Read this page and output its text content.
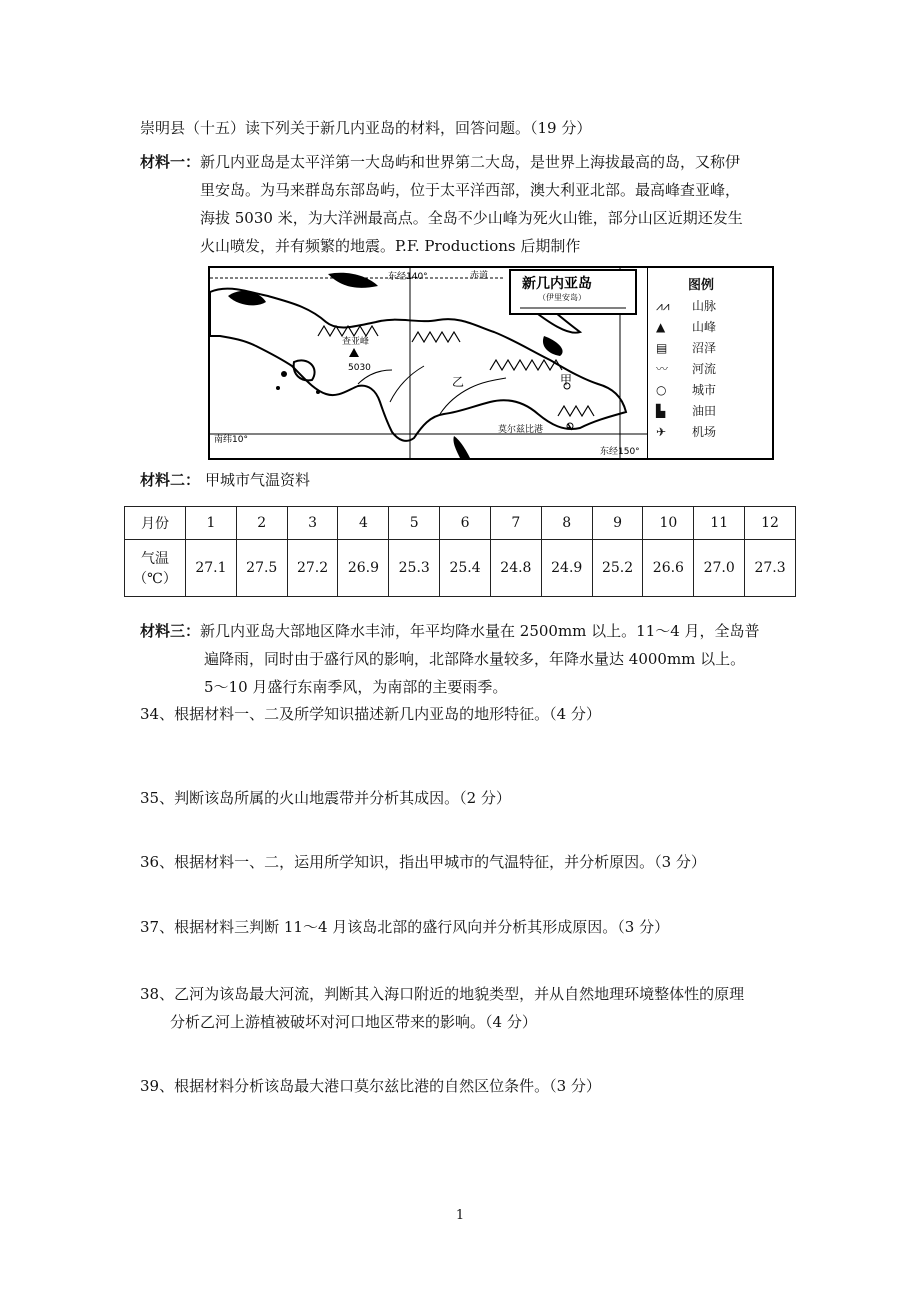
崇明县（十五）读下列关于新几内亚岛的材料，回答问题。（19 分）
材料一： 新几内亚岛是太平洋第一大岛屿和世界第二大岛，是世界上海拔最高的岛，又称伊
里安岛。为马来群岛东部岛屿，位于太平洋西部，澳大利亚北部。最高峰查亚峰，
海拔 5030 米，为大洋洲最高点。全岛不少山峰为死火山锥，部分山区近期还发生
火山喷发，并有频繁的地震。P.F. Productions 后期制作
东经140°	赤道
南纬10°
东经150°
查亚峰
5030
甲
乙
莫尔兹比港
新几内亚岛
（伊里安岛）
图例
⩘⩘	山脉
▲	山峰
▤	沼泽
〰	河流
○	城市
▙	油田
✈	机场
材料二： 甲城市气温资料
月份	1	2	3	4	5	6	7	8	9	10	11	12

气温
（℃）	27.1	27.5	27.2	26.9	25.3	25.4	24.8	24.9	25.2	26.6	27.0	27.3
材料三： 新几内亚岛大部地区降水丰沛，年平均降水量在 2500mm 以上。11～4 月，全岛普
遍降雨，同时由于盛行风的影响，北部降水量较多，年降水量达 4000mm 以上。
5～10 月盛行东南季风，为南部的主要雨季。
34、根据材料一、二及所学知识描述新几内亚岛的地形特征。（4 分）
35、判断该岛所属的火山地震带并分析其成因。（2 分）
36、根据材料一、二，运用所学知识，指出甲城市的气温特征，并分析原因。（3 分）
37、根据材料三判断 11～4 月该岛北部的盛行风向并分析其形成原因。（3 分）
38、乙河为该岛最大河流，判断其入海口附近的地貌类型，并从自然地理环境整体性的原理
分析乙河上游植被破坏对河口地区带来的影响。（4 分）
39、根据材料分析该岛最大港口莫尔兹比港的自然区位条件。（3 分）
1
